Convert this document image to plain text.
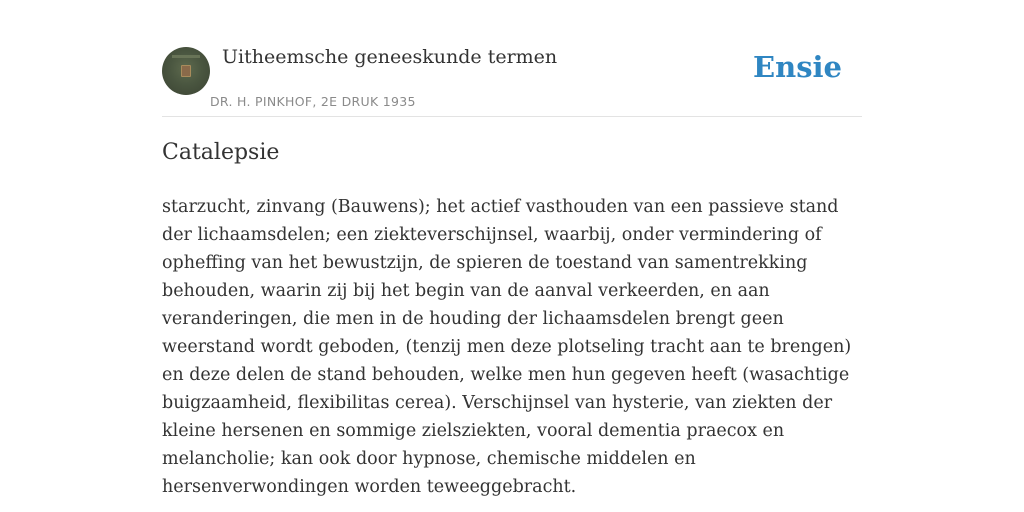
Uitheemsche geneeskunde termen
DR. H. PINKHOF, 2E DRUK 1935
Ensie
Catalepsie

starzucht, zinvang (Bauwens); het actief vasthouden van een passieve stand der lichaamsdelen; een ziekteverschijnsel, waarbij, onder vermindering of opheffing van het bewustzijn, de spieren de toestand van samentrekking behouden, waarin zij bij het begin van de aanval verkeerden, en aan veranderingen, die men in de houding der lichaamsdelen brengt geen weerstand wordt geboden, (tenzij men deze plotseling tracht aan te brengen) en deze delen de stand behouden, welke men hun gegeven heeft (wasachtige buigzaamheid, flexibilitas cerea). Verschijnsel van hysterie, van ziekten der kleine hersenen en sommige zielsziekten, vooral dementia praecox en melancholie; kan ook door hypnose, chemische middelen en hersenverwondingen worden teweeggebracht.
